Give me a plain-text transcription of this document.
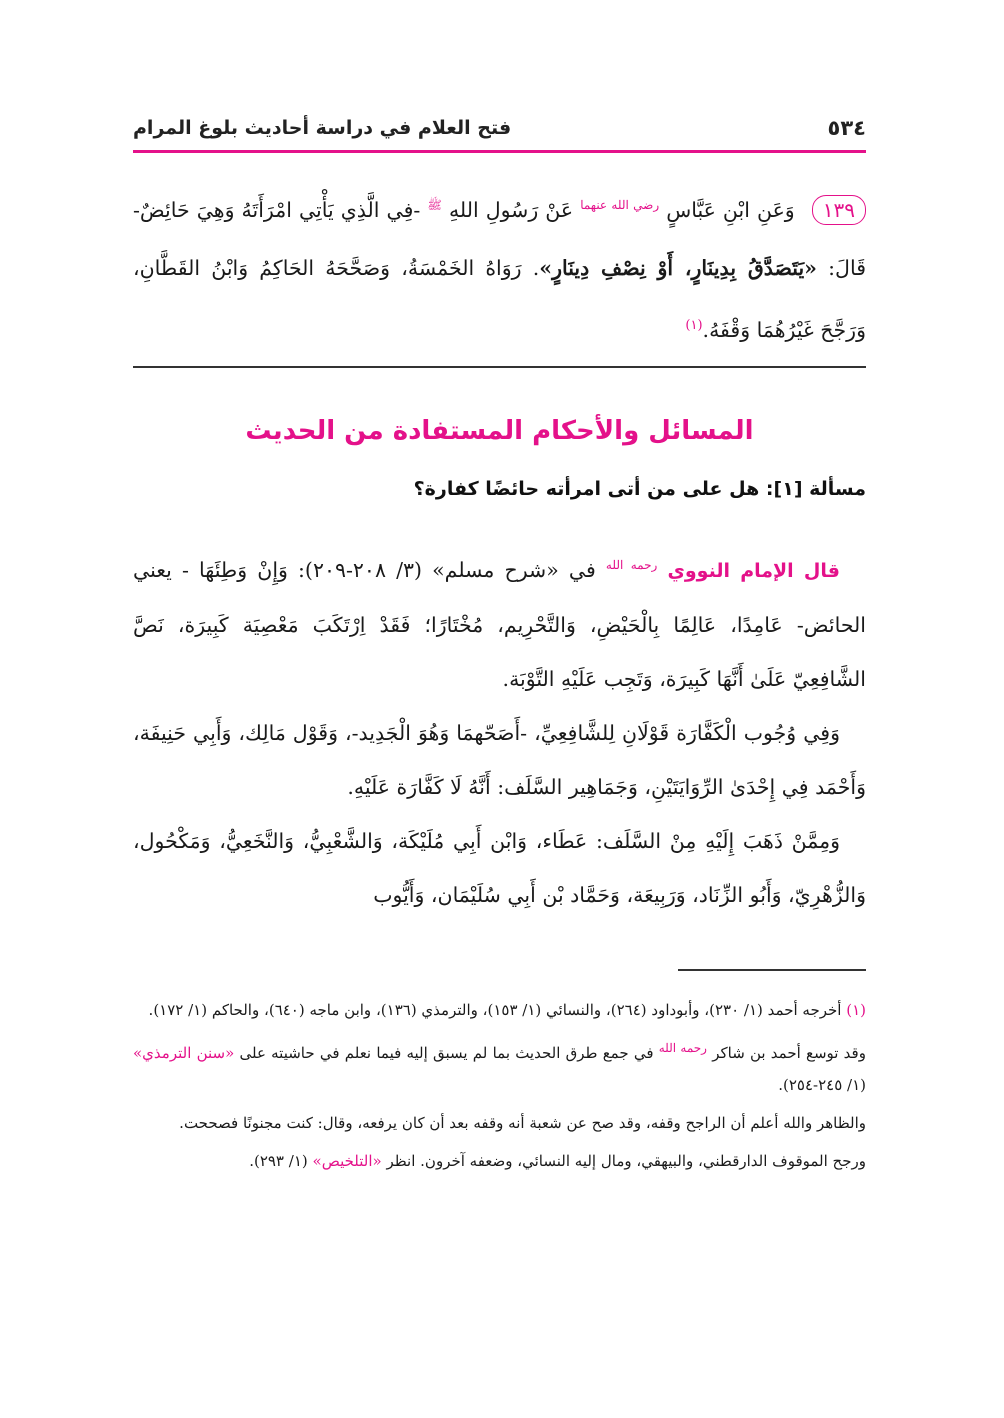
٥٣٤
فتح العلام في دراسة أحاديث بلوغ المرام

١٣٩ وَعَنِ ابْنِ عَبَّاسٍ $^{رضي الله عنهما}$ عَنْ رَسُولِ اللهِ $^ﷺ$ -فِي الَّذِي يَأْتِي امْرَأَتَهُ وَهِيَ حَائِضٌ- قَالَ: «يَتَصَدَّقُ بِدِينَارٍ، أَوْ نِصْفِ دِينَارٍ». رَوَاهُ الخَمْسَةُ، وَصَحَّحَهُ الحَاكِمُ وَابْنُ القَطَّانِ، وَرَجَّحَ غَيْرُهُمَا وَقْفَهُ.$^{(١)}$

المسائل والأحكام المستفادة من الحديث

مسألة [١]: هل على من أتى امرأته حائضًا كفارة؟

قال الإمام النووي $^{رحمه الله}$ في «شرح مسلم» (٣/ ٢٠٨-٢٠٩): وَإِنْ وَطِئَهَا - يعني الحائض- عَامِدًا، عَالِمًا بِالْحَيْضِ، وَالتَّحْرِيم، مُخْتَارًا؛ فَقَدْ اِرْتَكَبَ مَعْصِيَة كَبِيرَة، نَصَّ الشَّافِعِيّ عَلَىٰ أَنَّهَا كَبِيرَة، وَتَجِب عَلَيْهِ التَّوْبَة.

وَفِي وُجُوب الْكَفَّارَة قَوْلَانِ لِلشَّافِعِيِّ، -أَصَحّهمَا وَهُوَ الْجَدِيد-، وَقَوْل مَالِك، وَأَبِي حَنِيفَة، وَأَحْمَد فِي إِحْدَىٰ الرِّوَايَتَيْنِ، وَجَمَاهِير السَّلَف: أَنَّهُ لَا كَفَّارَة عَلَيْهِ.

وَمِمَّنْ ذَهَبَ إِلَيْهِ مِنْ السَّلَف: عَطَاء، وَابْن أَبِي مُلَيْكَة، وَالشَّعْبِيُّ، وَالنَّخَعِيُّ، وَمَكْحُول، وَالزُّهْرِيّ، وَأَبُو الزِّنَاد، وَرَبِيعَة، وَحَمَّاد بْن أَبِي سُلَيْمَان، وَأَيُّوب

(١) أخرجه أحمد (١/ ٢٣٠)، وأبوداود (٢٦٤)، والنسائي (١/ ١٥٣)، والترمذي (١٣٦)، وابن ماجه (٦٤٠)، والحاكم (١/ ١٧٢).

وقد توسع أحمد بن شاكر $^{رحمه الله}$ في جمع طرق الحديث بما لم يسبق إليه فيما نعلم في حاشيته على «سنن الترمذي» (١/ ٢٤٥-٢٥٤).

والظاهر والله أعلم أن الراجح وقفه، وقد صح عن شعبة أنه وقفه بعد أن كان يرفعه، وقال: كنت مجنونًا فصححت.

ورجح الموقوف الدارقطني، والبيهقي، ومال إليه النسائي، وضعفه آخرون. انظر «التلخيص» (١/ ٢٩٣).
